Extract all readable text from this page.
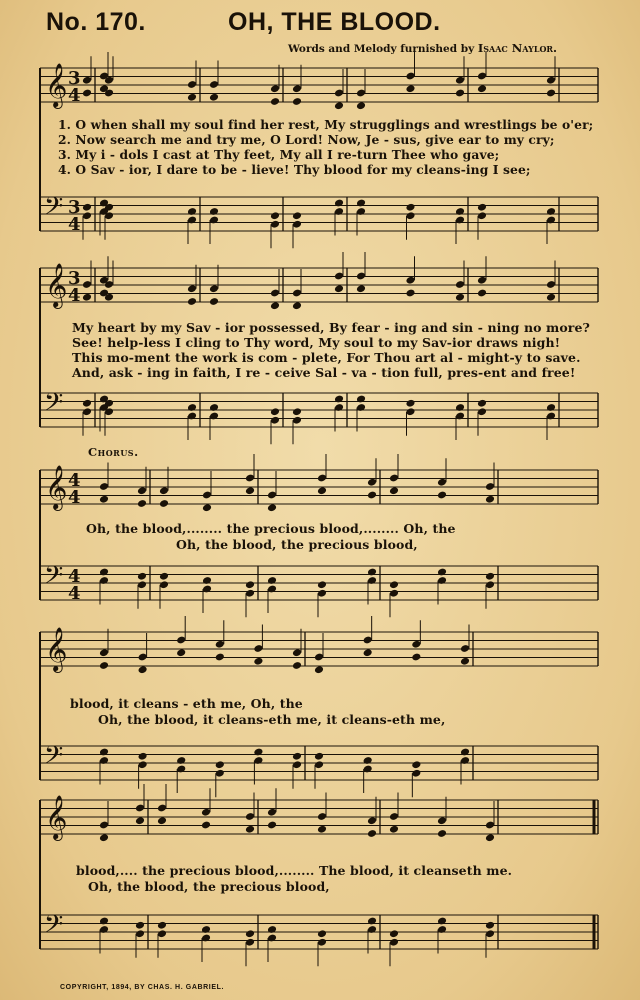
No. 170.	OH, THE BLOOD.
Words and Melody furnished by Isaac Naylor.
𝄞
𝄢
𝄞
𝄢
𝄞
𝄢
𝄞
𝄢
𝄞
𝄢
3
4
3
4
3
4
4
4
4
4
1. O when shall my soul find her rest, My strugglings and wrestlings be o'er;
2. Now search me and try me, O Lord! Now, Je - sus, give ear to my cry;
3. My i - dols I cast at Thy feet, My all I re-turn Thee who gave;
4. O Sav - ior, I dare to be - lieve! Thy blood for my cleans-ing I see;
My heart by my Sav - ior possessed, By fear - ing and sin - ning no more?
See! help-less I cling to Thy word, My soul to my Sav-ior draws nigh!
This mo-ment the work is com - plete, For Thou art al - might-y to save.
And, ask - ing in faith, I re - ceive Sal - va - tion full, pres-ent and free!
Chorus.
Oh, the blood,........ the precious blood,........ Oh, the
Oh, the blood, the precious blood,
blood, it cleans - eth me, Oh, the
Oh, the blood, it cleans-eth me, it cleans-eth me,
blood,.... the precious blood,........ The blood, it cleanseth me.
Oh, the blood, the precious blood,
COPYRIGHT, 1894, BY CHAS. H. GABRIEL.
